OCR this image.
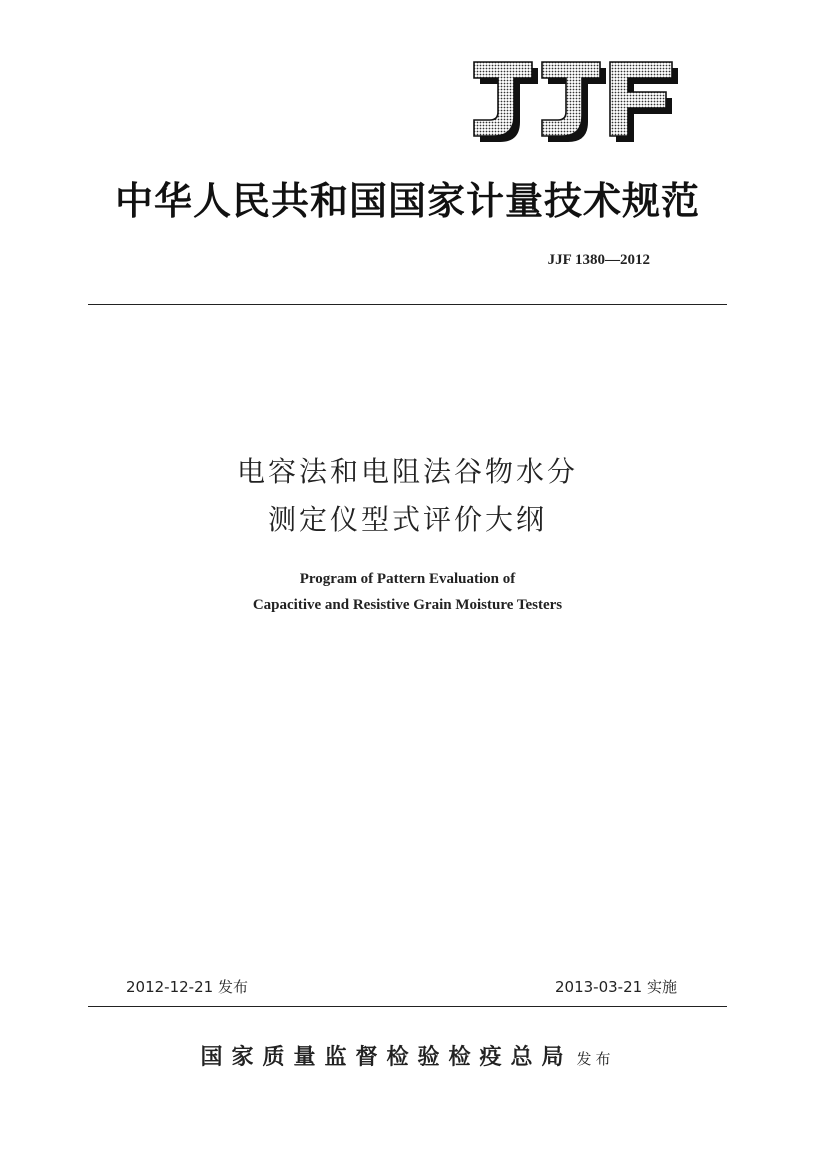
中华人民共和国国家计量技术规范
JJF 1380—2012
电容法和电阻法谷物水分
测定仪型式评价大纲
Program of Pattern Evaluation of
Capacitive and Resistive Grain Moisture Testers
2012-12-21 发布	2013-03-21 实施
国家质量监督检验检疫总局 发布
